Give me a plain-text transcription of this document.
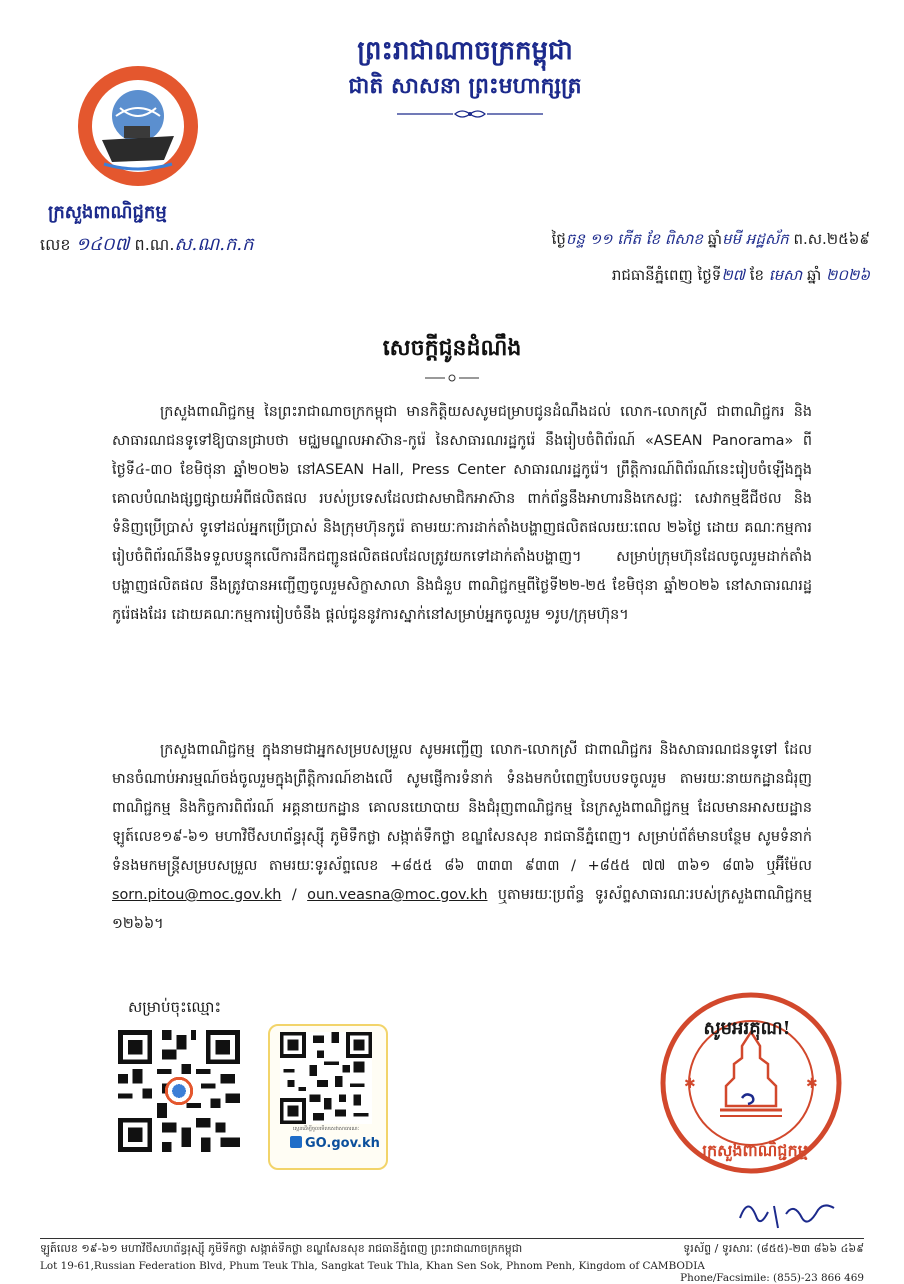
ព្រះរាជាណាចក្រកម្ពុជា
ជាតិ សាសនា ព្រះមហាក្សត្រ
ក្រសួងពាណិជ្ជកម្ម
លេខ ១៤០៧ ព.ណ.ស.ណ.ក.ក	ថ្ងៃចន្ទ ១១ កើត ខែ ពិសាខ ឆ្នាំមមី អដ្ឋស័ក ព.ស.២៥៦៩
រាជធានីភ្នំពេញ ថ្ងៃទី២៧ ខែ មេសា ឆ្នាំ ២០២៦
សេចក្តីជូនដំណឹង
ក្រសួងពាណិជ្ជកម្ម នៃព្រះរាជាណាចក្រកម្ពុជា មានកិត្តិយសសូមជម្រាបជូនដំណឹងដល់ លោក-លោកស្រី ជាពាណិជ្ជករ និងសាធារណជនទូទៅឱ្យបានជ្រាបថា មជ្ឈមណ្ឌលអាស៊ាន-កូរ៉េ នៃសាធារណរដ្ឋកូរ៉េ នឹងរៀបចំពិព័រណ៍ «ASEAN Panorama» ពីថ្ងៃទី៤-៣០ ខែមិថុនា ឆ្នាំ២០២៦ នៅASEAN Hall, Press Center សាធារណរដ្ឋកូរ៉េ។ ព្រឹត្តិការណ៍ពិព័រណ៍នេះរៀបចំឡើងក្នុងគោលបំណងផ្សព្វផ្សាយអំពីផលិតផល របស់ប្រទេសដែលជាសមាជិកអាស៊ាន ពាក់ព័ន្ធនឹងអាហារនិងកេសជ្ជៈ សេវាកម្មឌីជីថល និងទំនិញប្រើប្រាស់ ទូទៅដល់អ្នកប្រើប្រាស់ និងក្រុមហ៊ុនកូរ៉េ តាមរយៈការដាក់តាំងបង្ហាញផលិតផលរយៈពេល ២៦ថ្ងៃ ដោយ គណៈកម្មការរៀបចំពិព័រណ៍នឹងទទួលបន្ទុកលើការដឹកជញ្ជូនផលិតផលដែលត្រូវយកទៅដាក់តាំងបង្ហាញ។ សម្រាប់ក្រុមហ៊ុនដែលចូលរួមដាក់តាំងបង្ហាញផលិតផល នឹងត្រូវបានអញ្ជើញចូលរួមសិក្ខាសាលា និងជំនួប ពាណិជ្ជកម្មពីថ្ងៃទី២២-២៥ ខែមិថុនា ឆ្នាំ២០២៦ នៅសាធារណរដ្ឋកូរ៉េផងដែរ ដោយគណៈកម្មការរៀបចំនឹង ផ្តល់ជូននូវការស្នាក់នៅសម្រាប់អ្នកចូលរួម ១រូប/ក្រុមហ៊ុន។
ក្រសួងពាណិជ្ជកម្ម ក្នុងនាមជាអ្នកសម្របសម្រួល សូមអញ្ជើញ លោក-លោកស្រី ជាពាណិជ្ជករ និងសាធារណជនទូទៅ ដែលមានចំណាប់អារម្មណ៍ចង់ចូលរួមក្នុងព្រឹត្តិការណ៍ខាងលើ សូមផ្ញើការទំនាក់ ទំនងមកបំពេញបែបបទចូលរួម តាមរយៈនាយកដ្ឋានជំរុញពាណិជ្ជកម្ម និងកិច្ចការពិព័រណ៍ អគ្គនាយកដ្ឋាន គោលនយោបាយ និងជំរុញពាណិជ្ជកម្ម នៃក្រសួងពាណិជ្ជកម្ម ដែលមានអាសយដ្ឋានឡូត៍លេខ១៩-៦១ មហាវិថីសហព័ន្ធរុស្ស៊ី ភូមិទឹកថ្លា សង្កាត់ទឹកថ្លា ខណ្ឌសែនសុខ រាជធានីភ្នំពេញ។ សម្រាប់ព័ត៌មានបន្ថែម សូមទំនាក់ទំនងមកមន្ត្រីសម្របសម្រួល តាមរយៈទូរស័ព្ទលេខ +៨៥៥ ៨៦ ៣៣៣ ៩៣៣ / +៨៥៥ ៧៧ ៣៦១ ៨៣៦ ឬអ៊ីម៉ែល sorn.pitou@moc.gov.kh / oun.veasna@moc.gov.kh ឬតាមរយៈប្រព័ន្ធ ទូរស័ព្ទសាធារណៈរបស់ក្រសួងពាណិជ្ជកម្ម ១២៦៦។
សម្រាប់ចុះឈ្មោះ
ស្កេនដើម្បីចូលមើលសេវាសាធារណៈ
GO.gov.kh
✱	✱
សូមអរគុណ!
ក្រសួងពាណិជ្ជកម្ម
ឡូត៍លេខ ១៩-៦១ មហាវិថីសហព័ន្ធរុស្ស៊ី ភូមិទឹកថ្លា សង្កាត់ទឹកថ្លា ខណ្ឌសែនសុខ រាជធានីភ្នំពេញ ព្រះរាជាណាចក្រកម្ពុជា	ទូរស័ព្ទ / ទូរសារៈ (៨៥៥)-២៣ ៨៦៦ ៤៦៩
Lot 19-61,Russian Federation Blvd, Phum Teuk Thla, Sangkat Teuk Thla, Khan Sen Sok, Phnom Penh, Kingdom of CAMBODIA
Phone/Facsimile: (855)-23 866 469
